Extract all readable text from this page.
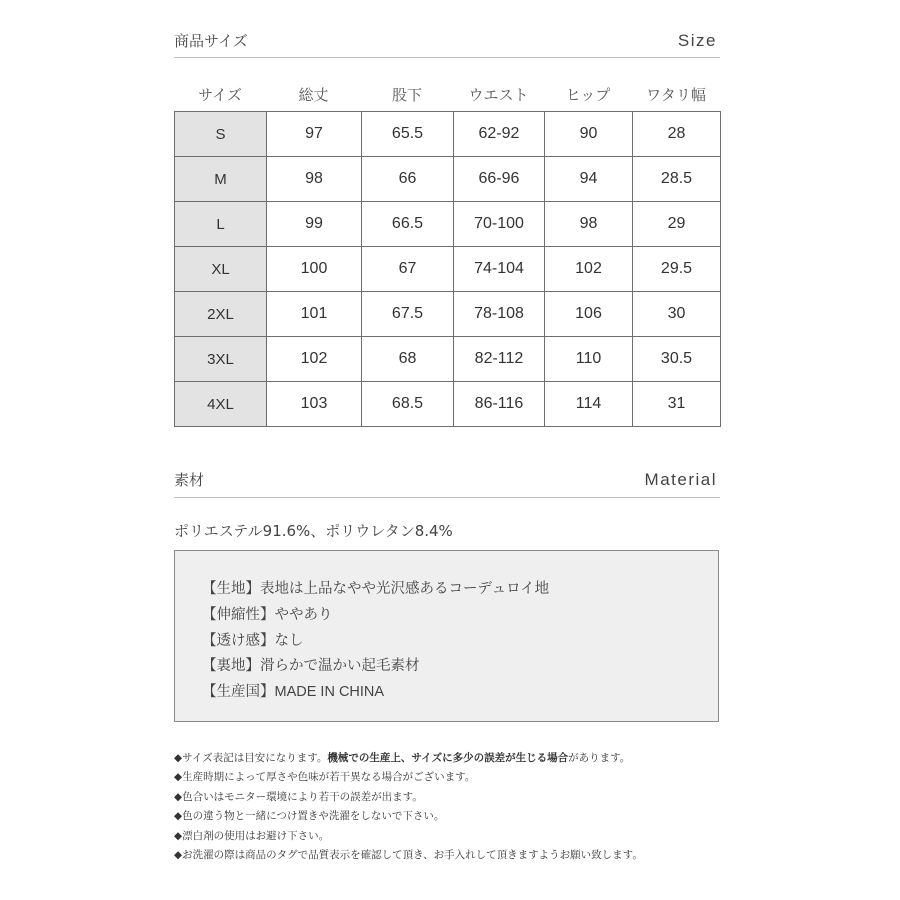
商品サイズ	Size
サイズ	総丈	股下	ウエスト	ヒップ	ワタリ幅
S	97	65.5	62-92	90	28
M	98	66	66-96	94	28.5
L	99	66.5	70-100	98	29
XL	100	67	74-104	102	29.5
2XL	101	67.5	78-108	106	30
3XL	102	68	82-112	110	30.5
4XL	103	68.5	86-116	114	31
素材	Material
ポリエステル91.6%、ポリウレタン8.4%
【生地】表地は上品なやや光沢感あるコーデュロイ地
【伸縮性】ややあり
【透け感】なし
【裏地】滑らかで温かい起毛素材
【生産国】MADE IN CHINA
◆サイズ表記は目安になります。機械での生産上、サイズに多少の誤差が生じる場合があります。
◆生産時期によって厚さや色味が若干異なる場合がございます。
◆色合いはモニター環境により若干の誤差が出ます。
◆色の違う物と一緒につけ置きや洗濯をしないで下さい。
◆漂白剤の使用はお避け下さい。
◆お洗濯の際は商品のタグで品質表示を確認して頂き、お手入れして頂きますようお願い致します。
